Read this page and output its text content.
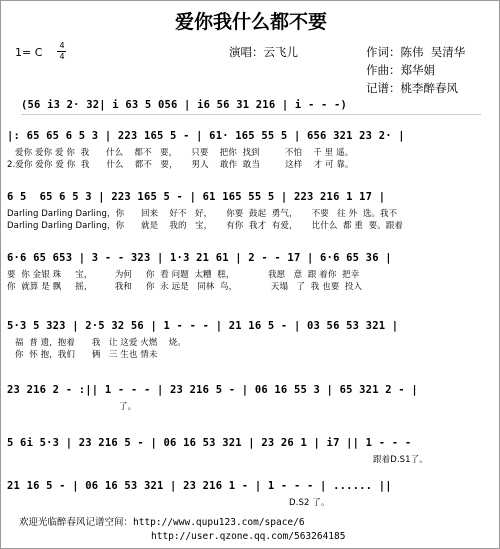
爱你我什么都不要
1= C
4
4	演唱：云飞儿	作词：陈伟  吴清华
作曲：郑华娟
记谱：桃李醉春风
(56 i3 2· 32| i 63 5 056 | i6 56 31 216 | i - - -)
|: 65 65 6 5 3 | 223 165 5 - | 61· 165 55 5 | 656 321 23 2· |
爱你 爱你 爱 你  我      什么    都不   要，     只要    把你  找到         不怕    千 里 遥。
2.爱你 爱你 爱 你  我      什么    都不   要，     男人    敢作  敢当         这样    才 可 靠。
6 5  65 6 5 3 | 223 165 5 - | 61 165 55 5 | 223 216 1 17 |
Darling Darling Darling，你      回来    好不   好，     你要  鼓起  勇气，     不要   往 外  选。我不
Darling Darling Darling，你      就是    我的   宝，     有你  我才  有爱，     比什么  都 重  要。跟着
6·6 65 653 | 3 - - 323 | 1·3 21 61 | 2 - - 17 | 6·6 65 36 |
要  你 金银 珠     宝，        为何     你  看 问题  太糟  糕，            我愿   意  跟 着你  把幸
你  就算 是 飘     摇，        我和     你  永 远是   同林  鸟，            天塌   了  我 也要  投入
5·3 5 323 | 2·5 32 56 | 1 - - - | 21 16 5 - | 03 56 53 321 |
福  普 遗，抱着      我   让 这爱 火燃    烧。
你  怀 抱，我们      俩   三 生也 情未
23 216 2 - :|| 1 - - - | 23 216 5 - | 06 16 55 3 | 65 321 2 - |
了。
5 6i 5·3 | 23 216 5 - | 06 16 53 321 | 23 26 1 | i7 || 1 - - -
跟着D.S1了。
21 16 5 - | 06 16 53 321 | 23 216 1 - | 1 - - - | ...... ||
D.S2 了。
欢迎光临醉春风记谱空间：http://www.qupu123.com/space/6
http://user.qzone.qq.com/563264185
